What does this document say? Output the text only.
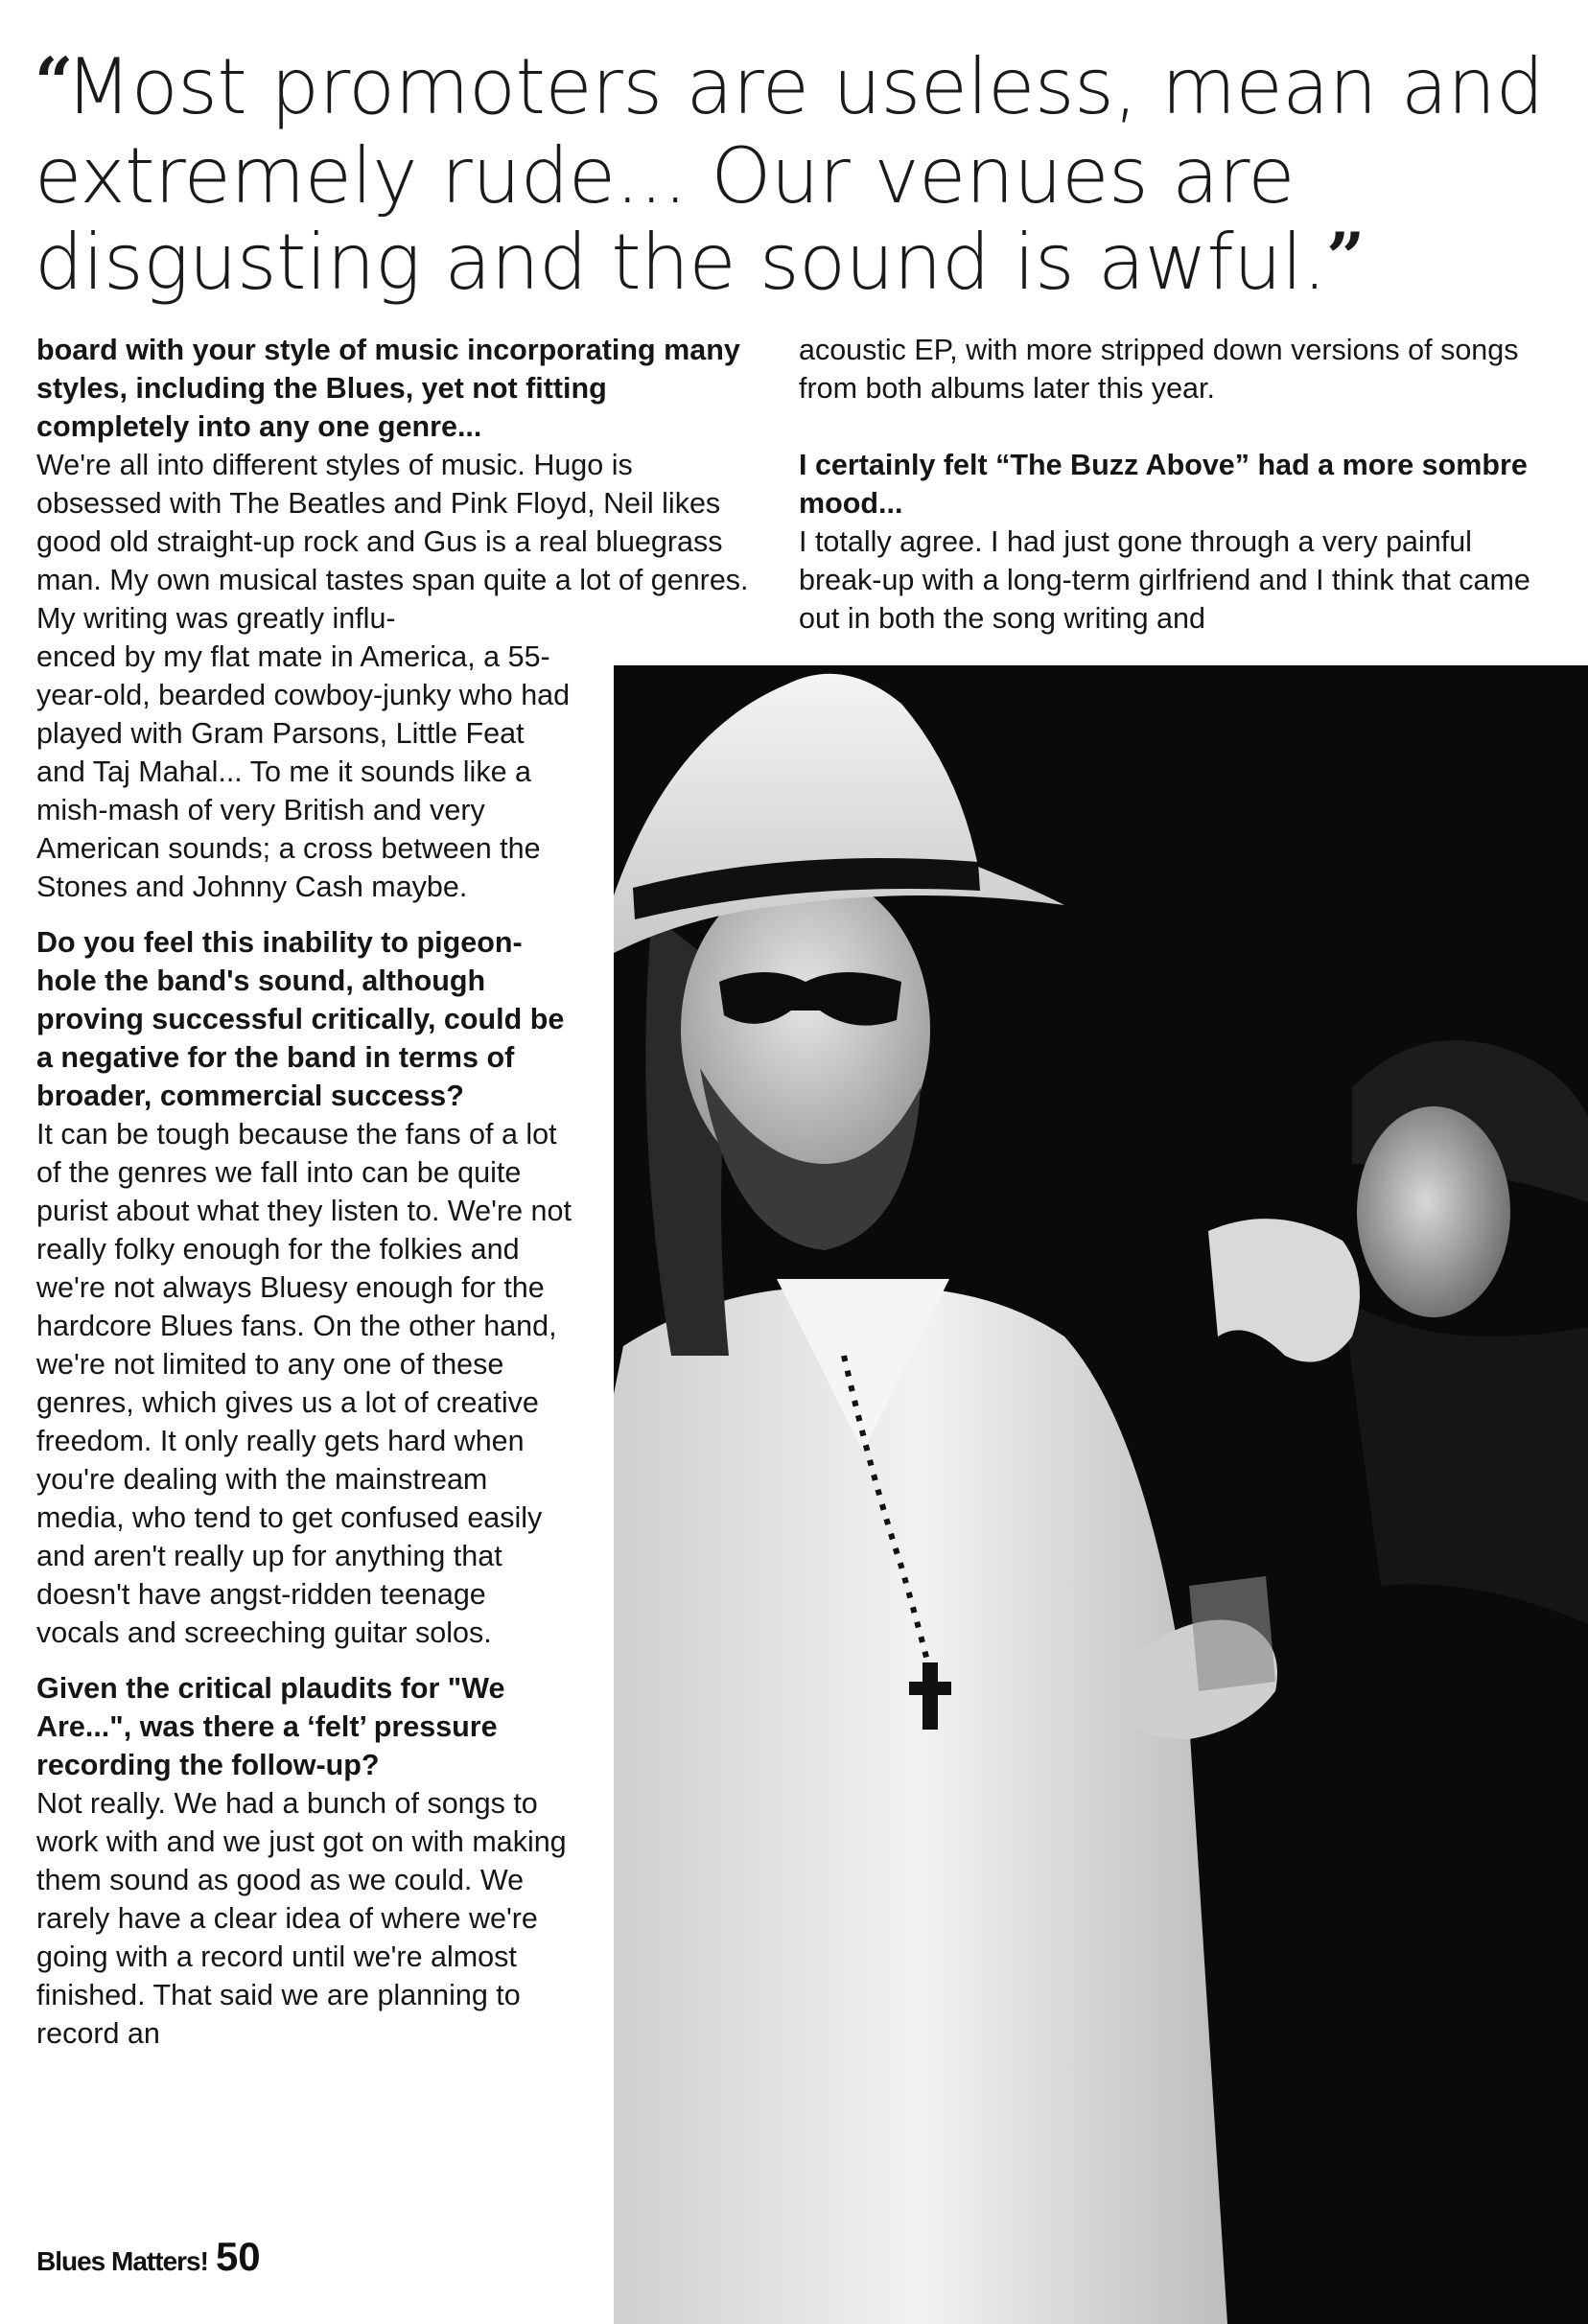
“Most promoters are useless, mean and extremely rude... Our venues are disgusting and the sound is awful.”

board with your style of music incorporating many styles, including the Blues, yet not fitting completely into any one genre...

We're all into different styles of music. Hugo is obsessed with The Beatles and Pink Floyd, Neil likes good old straight-up rock and Gus is a real bluegrass man. My own musical tastes span quite a lot of genres. My writing was greatly influ-

enced by my flat mate in America, a 55-year-old, bearded cowboy-junky who had played with Gram Parsons, Little Feat and Taj Mahal... To me it sounds like a mish-mash of very British and very American sounds; a cross between the Stones and Johnny Cash maybe.

Do you feel this inability to pigeon-hole the band's sound, although proving successful critically, could be a negative for the band in terms of broader, commercial success?

It can be tough because the fans of a lot of the genres we fall into can be quite purist about what they listen to. We're not really folky enough for the folkies and we're not always Bluesy enough for the hardcore Blues fans. On the other hand, we're not limited to any one of these genres, which gives us a lot of creative freedom. It only really gets hard when you're dealing with the mainstream media, who tend to get confused easily and aren't really up for anything that doesn't have angst-ridden teenage vocals and screeching guitar solos.

Given the critical plaudits for "We Are...", was there a ‘felt’ pressure recording the follow-up?

Not really. We had a bunch of songs to work with and we just got on with making them sound as good as we could. We rarely have a clear idea of where we're going with a record until we're almost finished. That said we are planning to record an

acoustic EP, with more stripped down versions of songs from both albums later this year.

I certainly felt “The Buzz Above” had a more sombre mood...

I totally agree. I had just gone through a very painful break-up with a long-term girlfriend and I think that came out in both the song writing and

Blues Matters! 50
